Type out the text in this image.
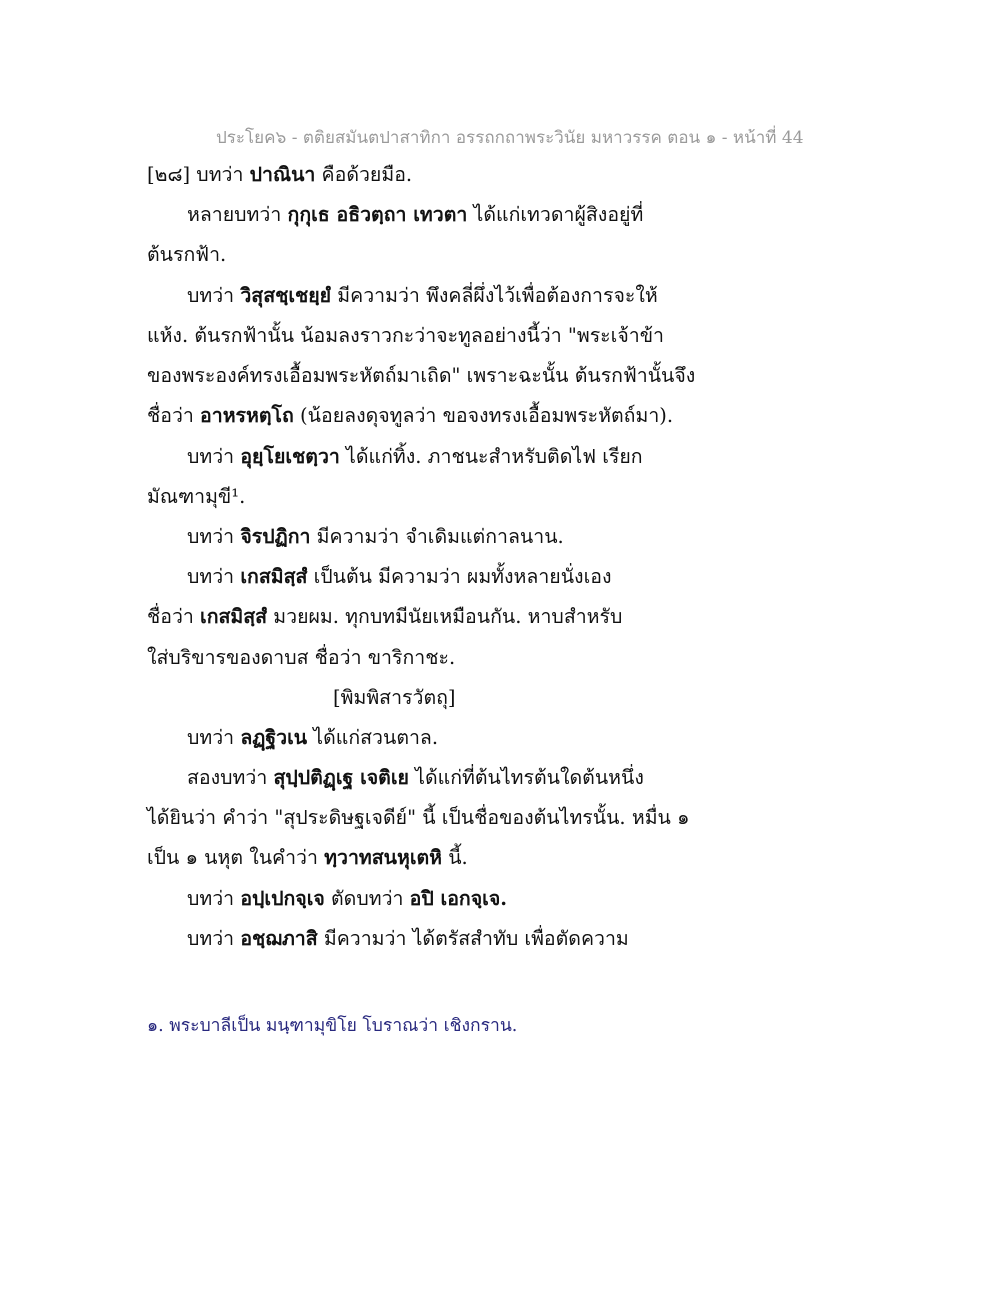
ประโยค๖ - ตติยสมันตปาสาทิกา อรรถกถาพระวินัย มหาวรรค ตอน ๑ - หน้าที่ 44
[๒๘] บทว่า ปาณินา คือด้วยมือ.
หลายบทว่า กุกุเธ อธิวตฺถา เทวตา ได้แก่เทวดาผู้สิงอยู่ที่
ต้นรกฟ้า.
บทว่า วิสุสชฺเชยฺยํ มีความว่า พึงคลี่ผึ่งไว้เพื่อต้องการจะให้
แห้ง. ต้นรกฟ้านั้น น้อมลงราวกะว่าจะทูลอย่างนี้ว่า "พระเจ้าข้า
ของพระองค์ทรงเอื้อมพระหัตถ์มาเถิด" เพราะฉะนั้น ต้นรกฟ้านั้นจึง
ชื่อว่า อาหรหตฺโถ (น้อยลงดุจทูลว่า ขอจงทรงเอื้อมพระหัตถ์มา).
บทว่า อุยฺโยเชตฺวา ได้แก่ทิ้ง. ภาชนะสำหรับติดไฟ เรียก
มัณฑามุขี¹.
บทว่า จิรปฏิกา มีความว่า จำเดิมแต่กาลนาน.
บทว่า เกสมิสฺสํ เป็นต้น มีความว่า ผมทั้งหลายนั่งเอง
ชื่อว่า เกสมิสฺสํ มวยผม. ทุกบทมีนัยเหมือนกัน. หาบสำหรับ
ใส่บริขารของดาบส ชื่อว่า ขาริกาชะ.
[พิมพิสารวัตถุ]
บทว่า ลฏฺฐิวเน ได้แก่สวนตาล.
สองบทว่า สุปฺปติฏฺเฐ เจติเย ได้แก่ที่ต้นไทรต้นใดต้นหนึ่ง
ได้ยินว่า คำว่า "สุประดิษฐเจดีย์" นี้ เป็นชื่อของต้นไทรนั้น. หมื่น ๑
เป็น ๑ นหุต ในคำว่า ทฺวาทสนหุเตหิ นี้.
บทว่า อปฺเปกจฺเจ ตัดบทว่า อปิ เอกจฺเจ.
บทว่า อชฺฌภาสิ มีความว่า ได้ตรัสสำทับ เพื่อตัดความ
๑. พระบาลีเป็น มนฺฑามุขิโย โบราณว่า เชิงกราน.
